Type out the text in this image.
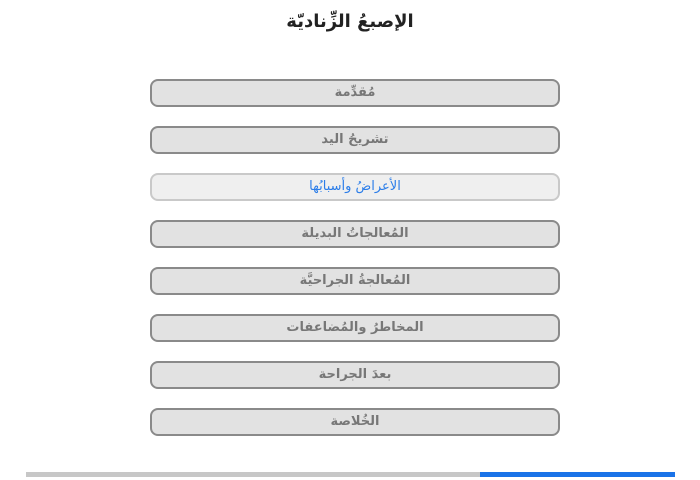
الإصبعُ الزِّناديّة
مُقدِّمة
تشريحُ اليد
الأعراضُ وأسبابُها
المُعالجاتُ البديلة
المُعالجةُ الجراحيَّة
المخاطرُ والمُضاعفات
بعدَ الجراحة
الخُلاصة
